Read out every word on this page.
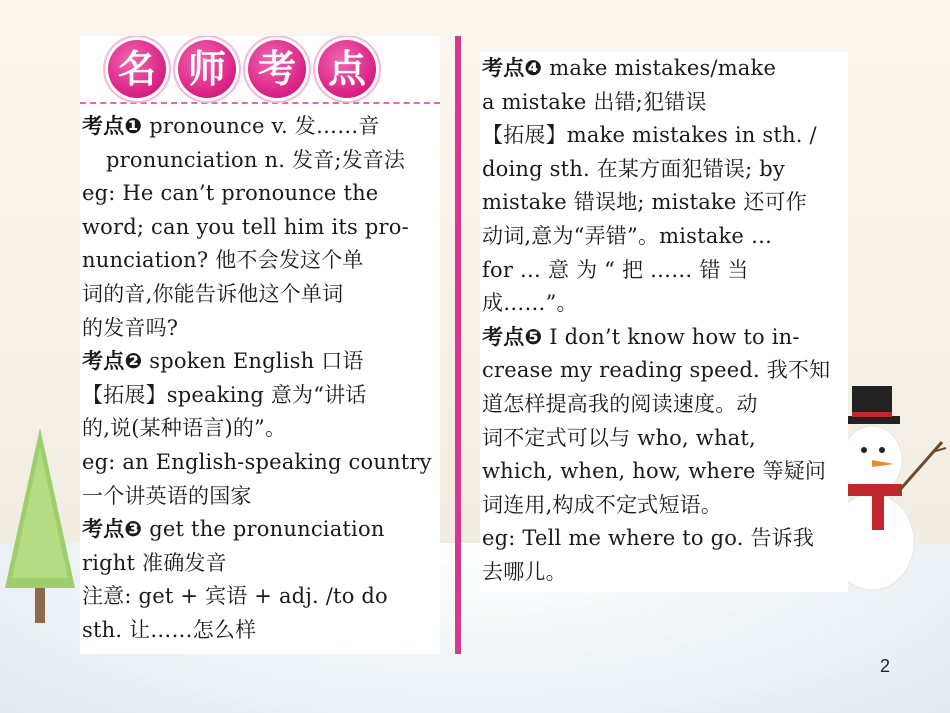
名 师 考 点

考点❶ pronounce v. 发……音

pronunciation n. 发音;发音法

eg: He can’t pronounce the

word; can you tell him its pro-

nunciation? 他不会发这个单

词的音,你能告诉他这个单词

的发音吗?

考点❷ spoken English 口语

【拓展】speaking 意为“讲话

的,说(某种语言)的”。

eg: an English-speaking country

一个讲英语的国家

考点❸ get the pronunciation

right 准确发音

注意: get + 宾语 + adj. /to do

sth. 让……怎么样

考点❹ make mistakes/make

a mistake 出错;犯错误

【拓展】make mistakes in sth. /

doing sth. 在某方面犯错误; by

mistake 错误地; mistake 还可作

动词,意为“弄错”。mistake …

for … 意 为 “ 把 …… 错 当

成……”。

考点❺ I don’t know how to in-

crease my reading speed. 我不知

道怎样提高我的阅读速度。动

词不定式可以与 who, what,

which, when, how, where 等疑问

词连用,构成不定式短语。

eg: Tell me where to go. 告诉我

去哪儿。

2
